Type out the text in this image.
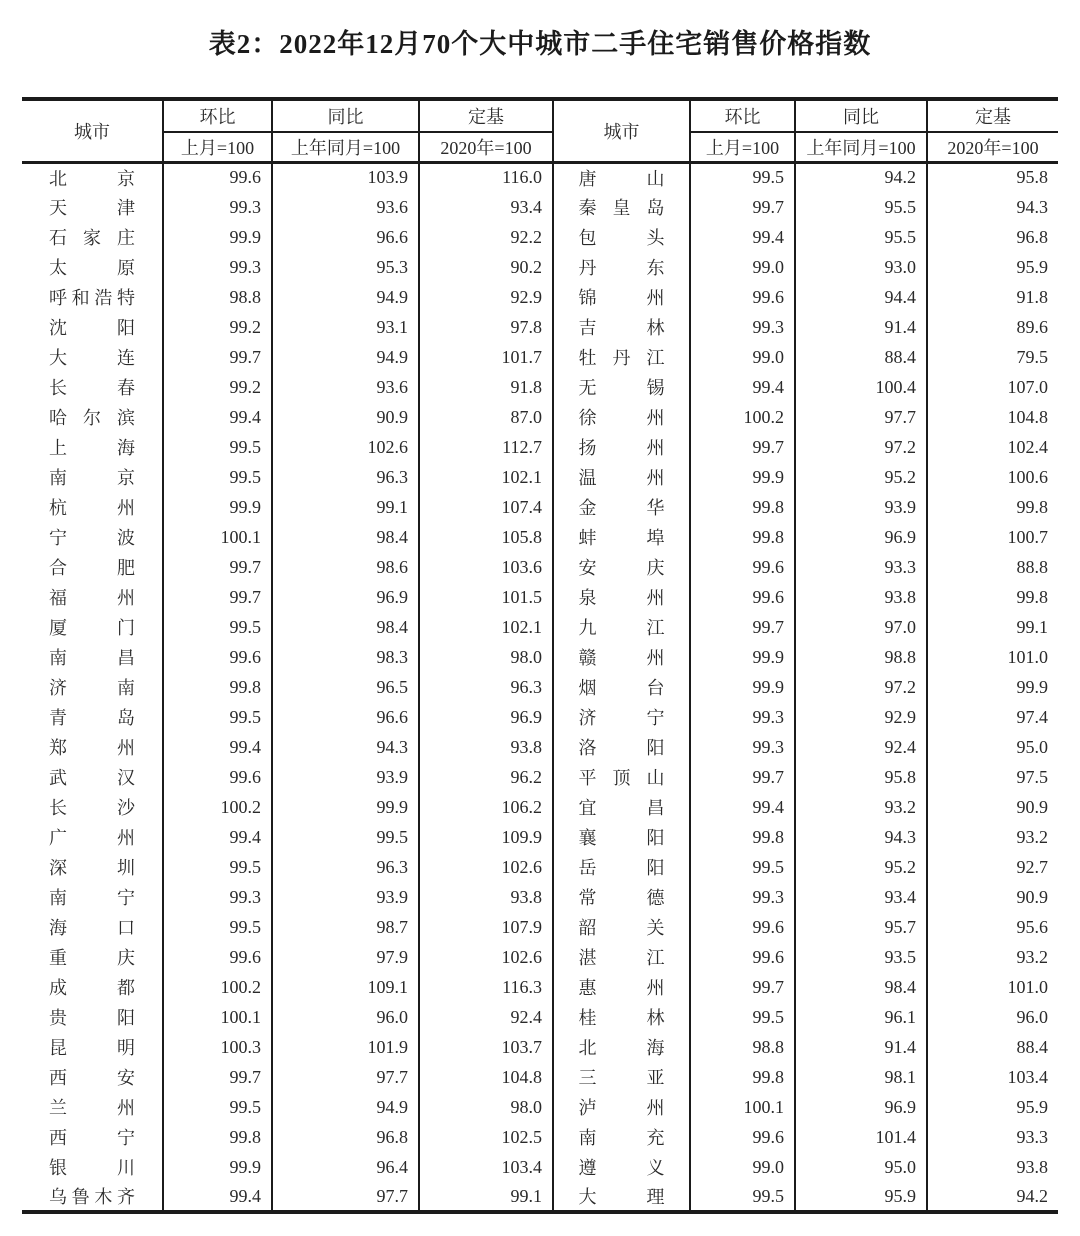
表2：2022年12月70个大中城市二手住宅销售价格指数
城市	环比	同比	定基	城市	环比	同比	定基
	上月=100	上年同月=100	2020年=100		上月=100	上年同月=100	2020年=100

北京	99.6	103.9	116.0	唐山	99.5	94.2	95.8

天津	99.3	93.6	93.4	秦皇岛	99.7	95.5	94.3

石家庄	99.9	96.6	92.2	包头	99.4	95.5	96.8

太原	99.3	95.3	90.2	丹东	99.0	93.0	95.9

呼和浩特	98.8	94.9	92.9	锦州	99.6	94.4	91.8

沈阳	99.2	93.1	97.8	吉林	99.3	91.4	89.6

大连	99.7	94.9	101.7	牡丹江	99.0	88.4	79.5

长春	99.2	93.6	91.8	无锡	99.4	100.4	107.0

哈尔滨	99.4	90.9	87.0	徐州	100.2	97.7	104.8

上海	99.5	102.6	112.7	扬州	99.7	97.2	102.4

南京	99.5	96.3	102.1	温州	99.9	95.2	100.6

杭州	99.9	99.1	107.4	金华	99.8	93.9	99.8

宁波	100.1	98.4	105.8	蚌埠	99.8	96.9	100.7

合肥	99.7	98.6	103.6	安庆	99.6	93.3	88.8

福州	99.7	96.9	101.5	泉州	99.6	93.8	99.8

厦门	99.5	98.4	102.1	九江	99.7	97.0	99.1

南昌	99.6	98.3	98.0	赣州	99.9	98.8	101.0

济南	99.8	96.5	96.3	烟台	99.9	97.2	99.9

青岛	99.5	96.6	96.9	济宁	99.3	92.9	97.4

郑州	99.4	94.3	93.8	洛阳	99.3	92.4	95.0

武汉	99.6	93.9	96.2	平顶山	99.7	95.8	97.5

长沙	100.2	99.9	106.2	宜昌	99.4	93.2	90.9

广州	99.4	99.5	109.9	襄阳	99.8	94.3	93.2

深圳	99.5	96.3	102.6	岳阳	99.5	95.2	92.7

南宁	99.3	93.9	93.8	常德	99.3	93.4	90.9

海口	99.5	98.7	107.9	韶关	99.6	95.7	95.6

重庆	99.6	97.9	102.6	湛江	99.6	93.5	93.2

成都	100.2	109.1	116.3	惠州	99.7	98.4	101.0

贵阳	100.1	96.0	92.4	桂林	99.5	96.1	96.0

昆明	100.3	101.9	103.7	北海	98.8	91.4	88.4

西安	99.7	97.7	104.8	三亚	99.8	98.1	103.4

兰州	99.5	94.9	98.0	泸州	100.1	96.9	95.9

西宁	99.8	96.8	102.5	南充	99.6	101.4	93.3

银川	99.9	96.4	103.4	遵义	99.0	95.0	93.8

乌鲁木齐	99.4	97.7	99.1	大理	99.5	95.9	94.2
